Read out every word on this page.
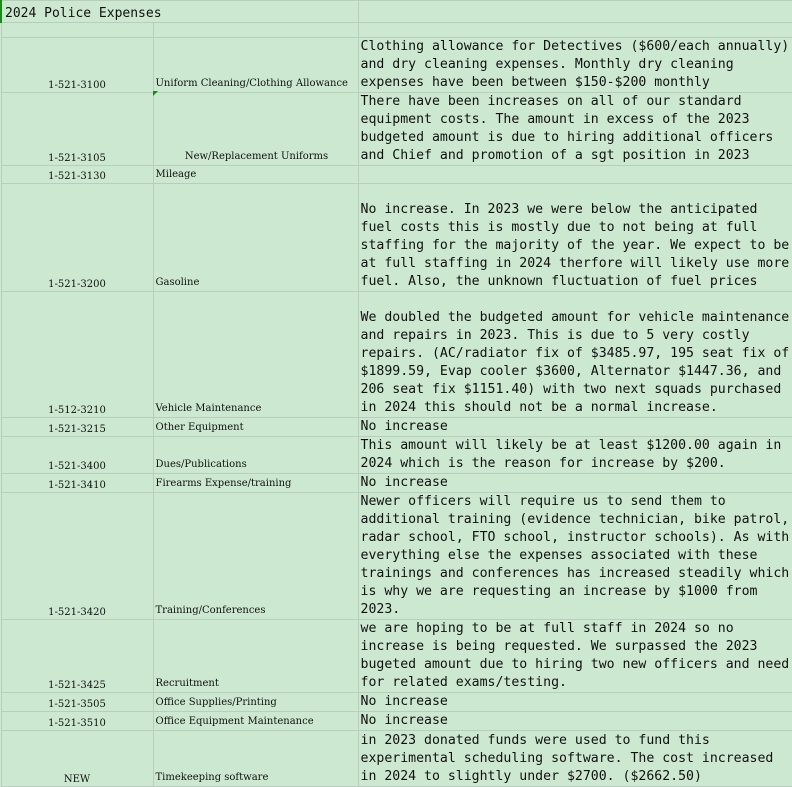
2024 Police Expenses		

1-521-3100	Uniform Cleaning/Clothing Allowance	Clothing allowance for Detectives ($600/each annually) and dry cleaning expenses. Monthly dry cleaning expenses have been between $150-$200 monthly
1-521-3105	New/Replacement Uniforms	There have been increases on all of our standard equipment costs. The amount in excess of the 2023 budgeted amount is due to hiring additional officers and Chief and promotion of a sgt position in 2023
1-521-3130	Mileage	
1-521-3200	Gasoline	No increase. In 2023 we were below the anticipated fuel costs this is mostly due to not being at full staffing for the majority of the year. We expect to be at full staffing in 2024 therfore will likely use more fuel. Also, the unknown fluctuation of fuel prices
1-512-3210	Vehicle Maintenance	We doubled the budgeted amount for vehicle maintenance and repairs in 2023. This is due to 5 very costly repairs. (AC/radiator fix of $3485.97, 195 seat fix of $1899.59, Evap cooler $3600, Alternator $1447.36, and 206 seat fix $1151.40) with two next squads purchased in 2024 this should not be a normal increase.
1-521-3215	Other Equipment	No increase
1-521-3400	Dues/Publications	This amount will likely be at least $1200.00 again in 2024 which is the reason for increase by $200.
1-521-3410	Firearms Expense/training	No increase
1-521-3420	Training/Conferences	Newer officers will require us to send them to additional training (evidence technician, bike patrol, radar school, FTO school, instructor schools). As with everything else the expenses associated with these trainings and conferences has increased steadily which is why we are requesting an increase by $1000 from 2023.
1-521-3425	Recruitment	we are hoping to be at full staff in 2024 so no increase is being requested. We surpassed the 2023 bugeted amount due to hiring two new officers and need for related exams/testing.
1-521-3505	Office Supplies/Printing	No increase
1-521-3510	Office Equipment Maintenance	No increase
NEW	Timekeeping software	in 2023 donated funds were used to fund this experimental scheduling software. The cost increased in 2024 to slightly under $2700. ($2662.50)
